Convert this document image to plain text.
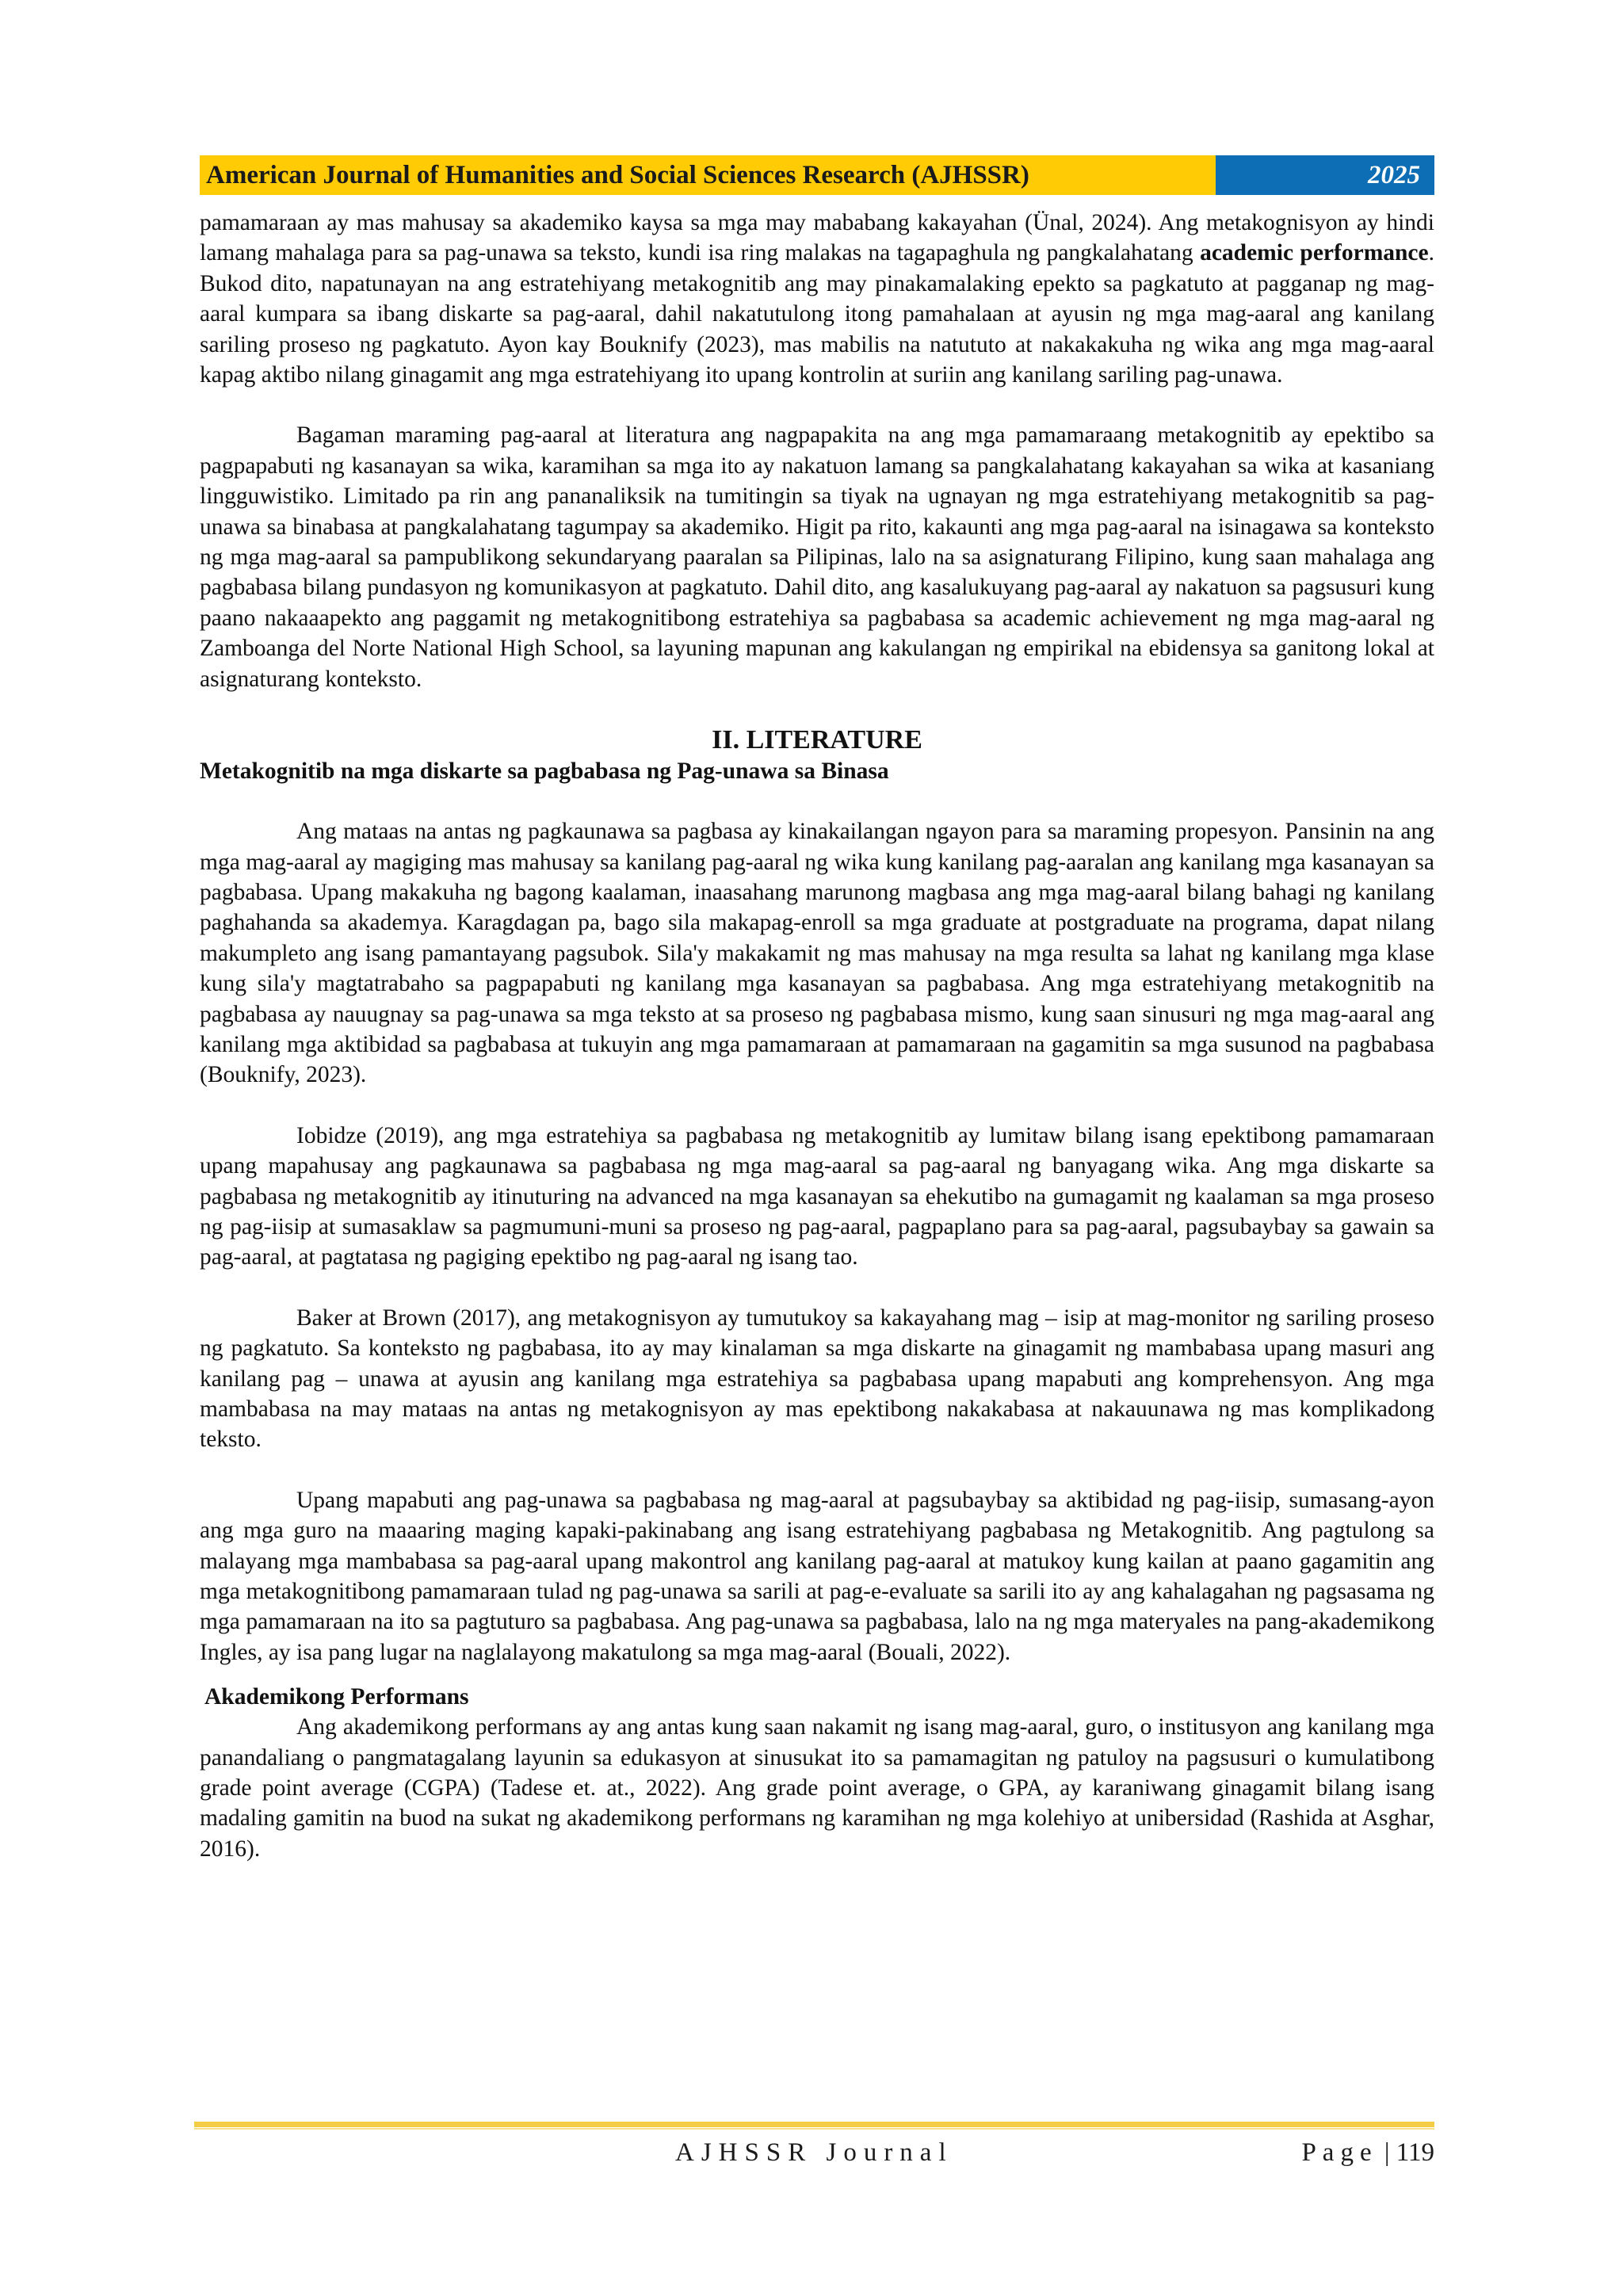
American Journal of Humanities and Social Sciences Research (AJHSSR)	2025

pamamaraan ay mas mahusay sa akademiko kaysa sa mga may mababang kakayahan (Ünal, 2024). Ang metakognisyon ay hindi lamang mahalaga para sa pag-unawa sa teksto, kundi isa ring malakas na tagapaghula ng pangkalahatang academic performance. Bukod dito, napatunayan na ang estratehiyang metakognitib ang may pinakamalaking epekto sa pagkatuto at pagganap ng mag-aaral kumpara sa ibang diskarte sa pag-aaral, dahil nakatutulong itong pamahalaan at ayusin ng mga mag-aaral ang kanilang sariling proseso ng pagkatuto. Ayon kay Bouknify (2023), mas mabilis na natututo at nakakakuha ng wika ang mga mag-aaral kapag aktibo nilang ginagamit ang mga estratehiyang ito upang kontrolin at suriin ang kanilang sariling pag-unawa.

Bagaman maraming pag-aaral at literatura ang nagpapakita na ang mga pamamaraang metakognitib ay epektibo sa pagpapabuti ng kasanayan sa wika, karamihan sa mga ito ay nakatuon lamang sa pangkalahatang kakayahan sa wika at kasaniang lingguwistiko. Limitado pa rin ang pananaliksik na tumitingin sa tiyak na ugnayan ng mga estratehiyang metakognitib sa pag-unawa sa binabasa at pangkalahatang tagumpay sa akademiko. Higit pa rito, kakaunti ang mga pag-aaral na isinagawa sa konteksto ng mga mag-aaral sa pampublikong sekundaryang paaralan sa Pilipinas, lalo na sa asignaturang Filipino, kung saan mahalaga ang pagbabasa bilang pundasyon ng komunikasyon at pagkatuto. Dahil dito, ang kasalukuyang pag-aaral ay nakatuon sa pagsusuri kung paano nakaaapekto ang paggamit ng metakognitibong estratehiya sa pagbabasa sa academic achievement ng mga mag-aaral ng Zamboanga del Norte National High School, sa layuning mapunan ang kakulangan ng empirikal na ebidensya sa ganitong lokal at asignaturang konteksto.

II. LITERATURE
Metakognitib na mga diskarte sa pagbabasa ng Pag-unawa sa Binasa

Ang mataas na antas ng pagkaunawa sa pagbasa ay kinakailangan ngayon para sa maraming propesyon. Pansinin na ang mga mag-aaral ay magiging mas mahusay sa kanilang pag-aaral ng wika kung kanilang pag-aaralan ang kanilang mga kasanayan sa pagbabasa. Upang makakuha ng bagong kaalaman, inaasahang marunong magbasa ang mga mag-aaral bilang bahagi ng kanilang paghahanda sa akademya. Karagdagan pa, bago sila makapag-enroll sa mga graduate at postgraduate na programa, dapat nilang makumpleto ang isang pamantayang pagsubok. Sila'y makakamit ng mas mahusay na mga resulta sa lahat ng kanilang mga klase kung sila'y magtatrabaho sa pagpapabuti ng kanilang mga kasanayan sa pagbabasa. Ang mga estratehiyang metakognitib na pagbabasa ay nauugnay sa pag-unawa sa mga teksto at sa proseso ng pagbabasa mismo, kung saan sinusuri ng mga mag-aaral ang kanilang mga aktibidad sa pagbabasa at tukuyin ang mga pamamaraan at pamamaraan na gagamitin sa mga susunod na pagbabasa (Bouknify, 2023).

Iobidze (2019), ang mga estratehiya sa pagbabasa ng metakognitib ay lumitaw bilang isang epektibong pamamaraan upang mapahusay ang pagkaunawa sa pagbabasa ng mga mag-aaral sa pag-aaral ng banyagang wika. Ang mga diskarte sa pagbabasa ng metakognitib ay itinuturing na advanced na mga kasanayan sa ehekutibo na gumagamit ng kaalaman sa mga proseso ng pag-iisip at sumasaklaw sa pagmumuni-muni sa proseso ng pag-aaral, pagpaplano para sa pag-aaral, pagsubaybay sa gawain sa pag-aaral, at pagtatasa ng pagiging epektibo ng pag-aaral ng isang tao.

Baker at Brown (2017), ang metakognisyon ay tumutukoy sa kakayahang mag – isip at mag-monitor ng sariling proseso ng pagkatuto. Sa konteksto ng pagbabasa, ito ay may kinalaman sa mga diskarte na ginagamit ng mambabasa upang masuri ang kanilang pag – unawa at ayusin ang kanilang mga estratehiya sa pagbabasa upang mapabuti ang komprehensyon. Ang mga mambabasa na may mataas na antas ng metakognisyon ay mas epektibong nakakabasa at nakauunawa ng mas komplikadong teksto.

Upang mapabuti ang pag-unawa sa pagbabasa ng mag-aaral at pagsubaybay sa aktibidad ng pag-iisip, sumasang-ayon ang mga guro na maaaring maging kapaki-pakinabang ang isang estratehiyang pagbabasa ng Metakognitib. Ang pagtulong sa malayang mga mambabasa sa pag-aaral upang makontrol ang kanilang pag-aaral at matukoy kung kailan at paano gagamitin ang mga metakognitibong pamamaraan tulad ng pag-unawa sa sarili at pag-e-evaluate sa sarili ito ay ang kahalagahan ng pagsasama ng mga pamamaraan na ito sa pagtuturo sa pagbabasa. Ang pag-unawa sa pagbabasa, lalo na ng mga materyales na pang-akademikong Ingles, ay isa pang lugar na naglalayong makatulong sa mga mag-aaral (Bouali, 2022).

Akademikong Performans

Ang akademikong performans ay ang antas kung saan nakamit ng isang mag-aaral, guro, o institusyon ang kanilang mga panandaliang o pangmatagalang layunin sa edukasyon at sinusukat ito sa pamamagitan ng patuloy na pagsusuri o kumulatibong grade point average (CGPA) (Tadese et. at., 2022). Ang grade point average, o GPA, ay karaniwang ginagamit bilang isang madaling gamitin na buod na sukat ng akademikong performans ng karamihan ng mga kolehiyo at unibersidad (Rashida at Asghar, 2016).

AJHSSR Journal	Page | 119
